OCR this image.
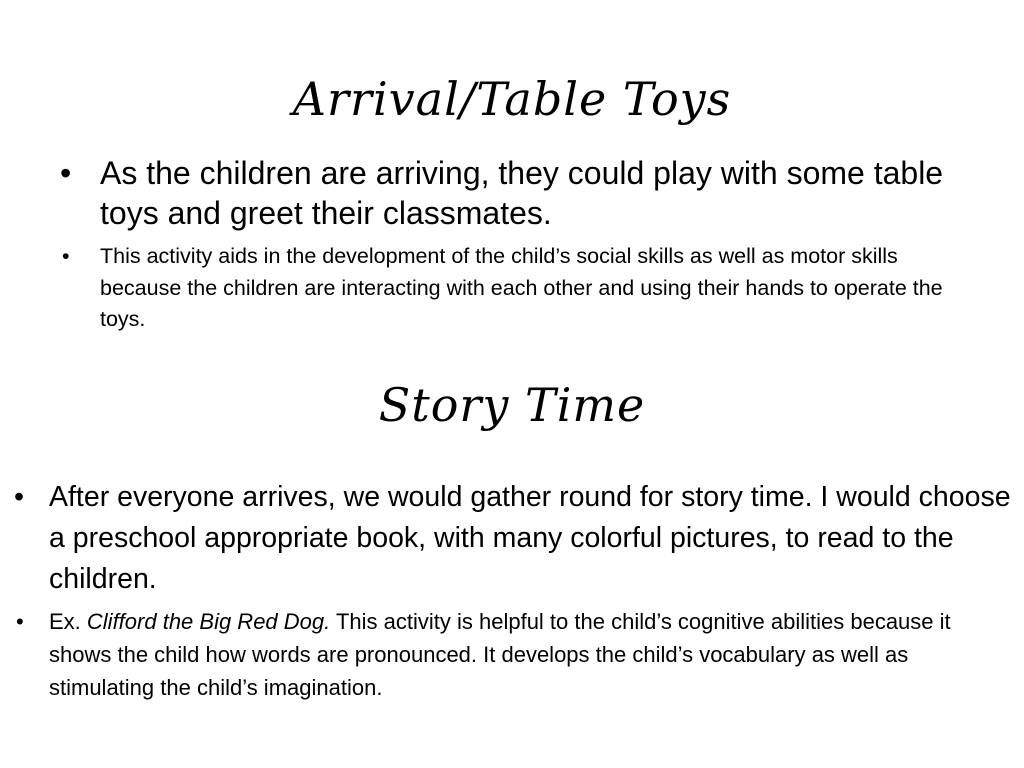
Arrival/Table Toys
• As the children are arriving, they could play with some table toys and greet their classmates.
• This activity aids in the development of the child’s social skills as well as motor skills because the children are interacting with each other and using their hands to operate the toys.
Story Time
• After everyone arrives, we would gather round for story time. I would choose a preschool appropriate book, with many colorful pictures, to read to the children.
• Ex. Clifford the Big Red Dog. This activity is helpful to the child’s cognitive abilities because it shows the child how words are pronounced. It develops the child’s vocabulary as well as stimulating the child’s imagination.
